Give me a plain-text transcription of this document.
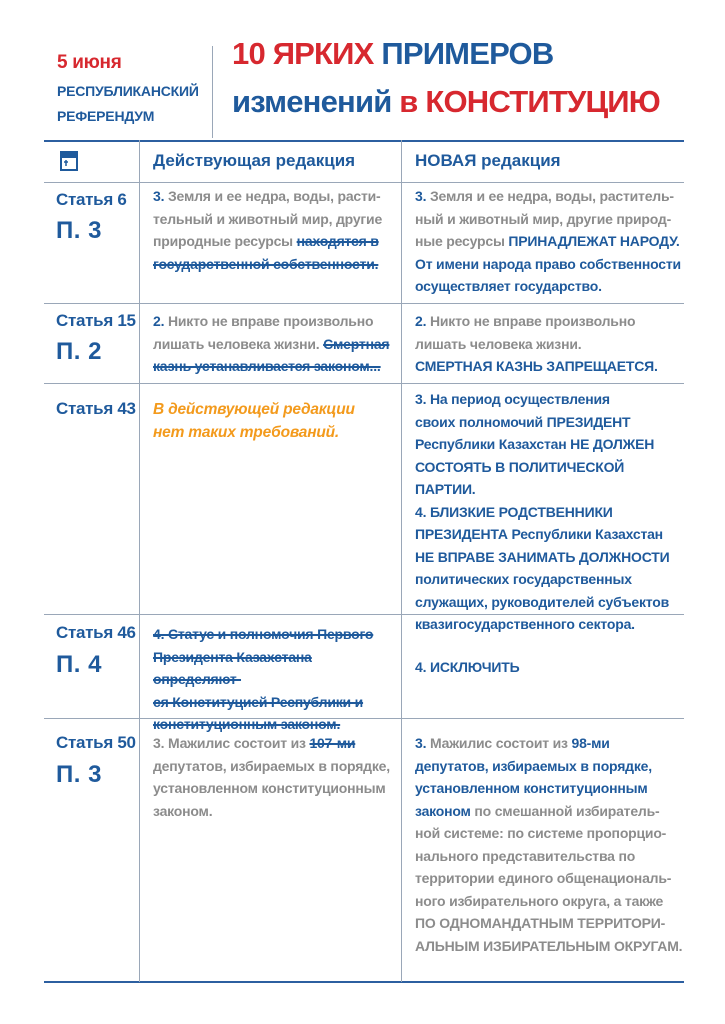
5 июня
РЕСПУБЛИКАНСКИЙ
РЕФЕРЕНДУМ
10 ЯРКИХ ПРИМЕРОВ
изменений в КОНСТИТУЦИЮ
Действующая редакция	НОВАЯ редакция
Статья 6
П. 3
3. Земля и ее недра, воды, расти-
тельный и животный мир, другие
природные ресурсы находятся в
государственной собственности.
3. Земля и ее недра, воды, раститель-
ный и животный мир, другие природ-
ные ресурсы ПРИНАДЛЕЖАТ НАРОДУ.
От имени народа право собственности
осуществляет государство.
Статья 15
П. 2
2. Никто не вправе произвольно
лишать человека жизни. Смертная
казнь устанавливается законом...
2. Никто не вправе произвольно
лишать человека жизни.
СМЕРТНАЯ КАЗНЬ ЗАПРЕЩАЕТСЯ.
Статья 43 В действующей редакции
нет таких требований.
3. На период осуществления
своих полномочий ПРЕЗИДЕНТ
Республики Казахстан НЕ ДОЛЖЕН
СОСТОЯТЬ В ПОЛИТИЧЕСКОЙ ПАРТИИ.
4. БЛИЗКИЕ РОДСТВЕННИКИ
ПРЕЗИДЕНТА Республики Казахстан
НЕ ВПРАВЕ ЗАНИМАТЬ ДОЛЖНОСТИ
политических государственных
служащих, руководителей субъектов
квазигосударственного сектора.
Статья 46
П. 4
4. Статус и полномочия Первого
Президента Казахстана определяют-
ся Конституцией Республики и
конституционным законом.
4. ИСКЛЮЧИТЬ
Статья 50
П. 3
3. Мажилис состоит из 107-ми
депутатов, избираемых в порядке,
установленном конституционным
законом.
3. Мажилис состоит из 98-ми
депутатов, избираемых в порядке,
установленном конституционным
законом по смешанной избиратель-
ной системе: по системе пропорцио-
нального представительства по
территории единого общенациональ-
ного избирательного округа, а также
ПО ОДНОМАНДАТНЫМ ТЕРРИТОРИ-
АЛЬНЫМ ИЗБИРАТЕЛЬНЫМ ОКРУГАМ.
